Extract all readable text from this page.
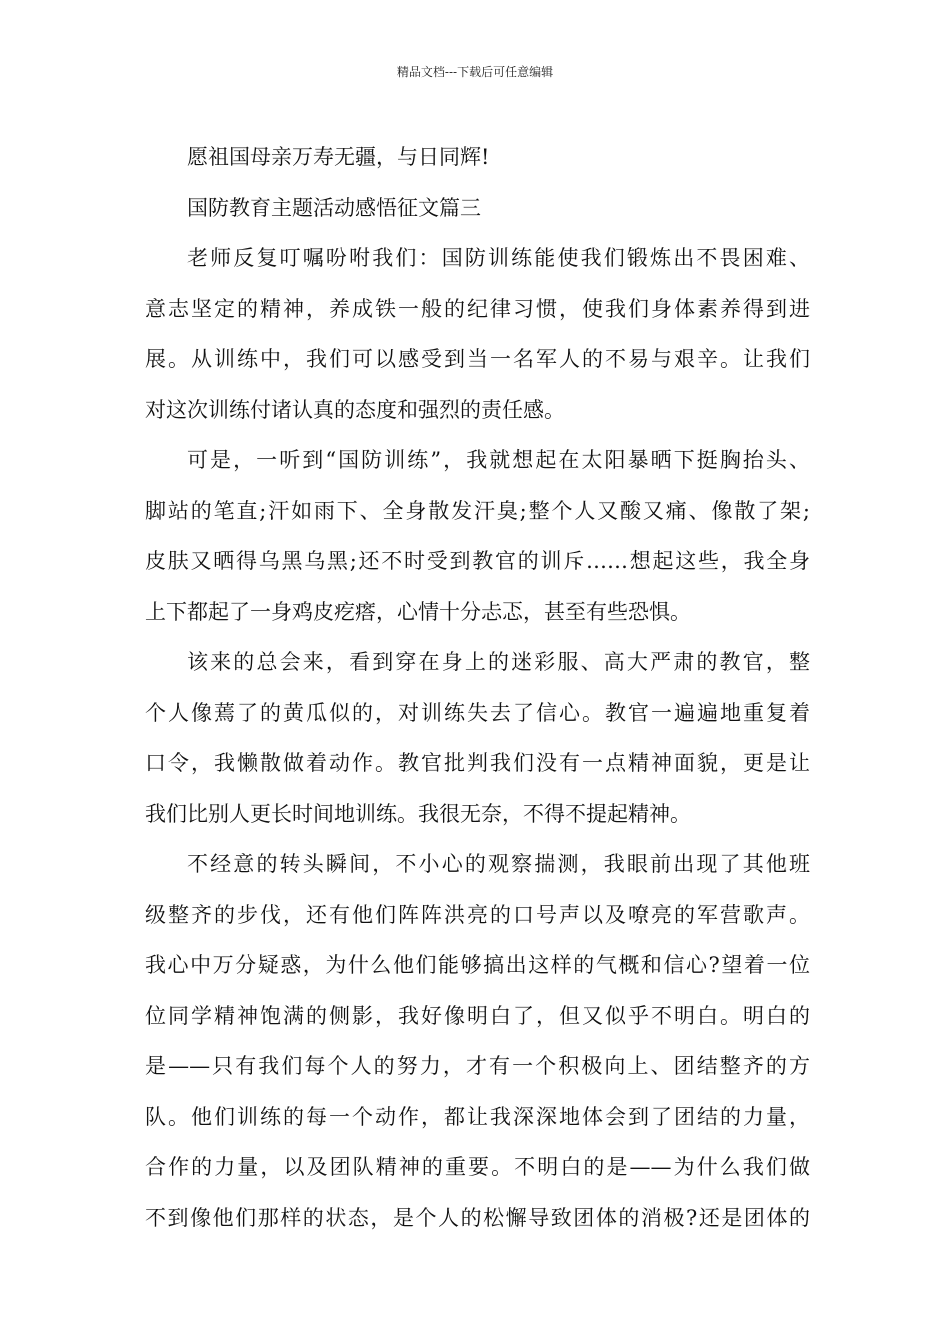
精品文档---下载后可任意编辑
愿祖国母亲万寿无疆，与日同辉!
国防教育主题活动感悟征文篇三
老师反复叮嘱吩咐我们：国防训练能使我们锻炼出不畏困难、
意志坚定的精神，养成铁一般的纪律习惯，使我们身体素养得到进
展。从训练中，我们可以感受到当一名军人的不易与艰辛。让我们
对这次训练付诸认真的态度和强烈的责任感。
可是，一听到“国防训练”，我就想起在太阳暴晒下挺胸抬头、
脚站的笔直;汗如雨下、全身散发汗臭;整个人又酸又痛、像散了架;
皮肤又晒得乌黑乌黑;还不时受到教官的训斥……想起这些，我全身
上下都起了一身鸡皮疙瘩，心情十分忐忑，甚至有些恐惧。
该来的总会来，看到穿在身上的迷彩服、高大严肃的教官，整
个人像蔫了的黄瓜似的，对训练失去了信心。教官一遍遍地重复着
口令，我懒散做着动作。教官批判我们没有一点精神面貌，更是让
我们比别人更长时间地训练。我很无奈，不得不提起精神。
不经意的转头瞬间，不小心的观察揣测，我眼前出现了其他班
级整齐的步伐，还有他们阵阵洪亮的口号声以及嘹亮的军营歌声。
我心中万分疑惑，为什么他们能够搞出这样的气概和信心?望着一位
位同学精神饱满的侧影，我好像明白了，但又似乎不明白。明白的
是——只有我们每个人的努力，才有一个积极向上、团结整齐的方
队。他们训练的每一个动作，都让我深深地体会到了团结的力量，
合作的力量，以及团队精神的重要。不明白的是——为什么我们做
不到像他们那样的状态，是个人的松懈导致团体的消极?还是团体的
